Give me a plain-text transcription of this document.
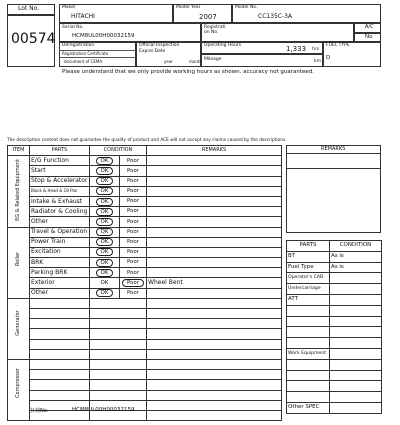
Lot No.
00574
Maker
HITACHI
Model Year
2007
Model No.
CC135C-3A
Serial No.
HCM8UL00H00032159
Registrati
on No.
A/C
No
Deregistration
Registration Certificate
document of CEMA
Official Inspection
Expire Date
year	month
Operating Hours	1,333 hrs
Mileage	km
FUEL TYPE
D
Please understand that we only provide working hours as shown. accuracy not guaranteed.
The description content does not guarantee the quality of product and ACE will not accept any claims caused by the descriptions.
ITEM	PARTS	CONDITION		REMARKS
	E/G Function	OK	Poor	
	Start	OK	Poor	
	Stop & Accelerator	OK	Poor	
	Block & Head & Oil Pan	OK	Poor	
	Intake & Exhaust	OK	Poor	
	Radiator & Cooling	OK	Poor	
	Other	OK	Poor	
	Travel & Operation	OK	Poor	
	Power Train	OK	Poor	
	Excitation	OK	Poor	
	BRK	OK	Poor	
	Parking BRK	OK	Poor	
	Exterior	OK	Poor	Wheel Bent
	Other	OK	Poor	

EG & Related Equipment
Roller
Generator
Compressor
REMARKS
PARTS	CONDITION
BT	As is
Fuel Type	As is
Operator's CAB	
Undercarriage	
ATT	

Work Equipment	

Other SPEC	
打刻No.	HCM8UL00H00032159
